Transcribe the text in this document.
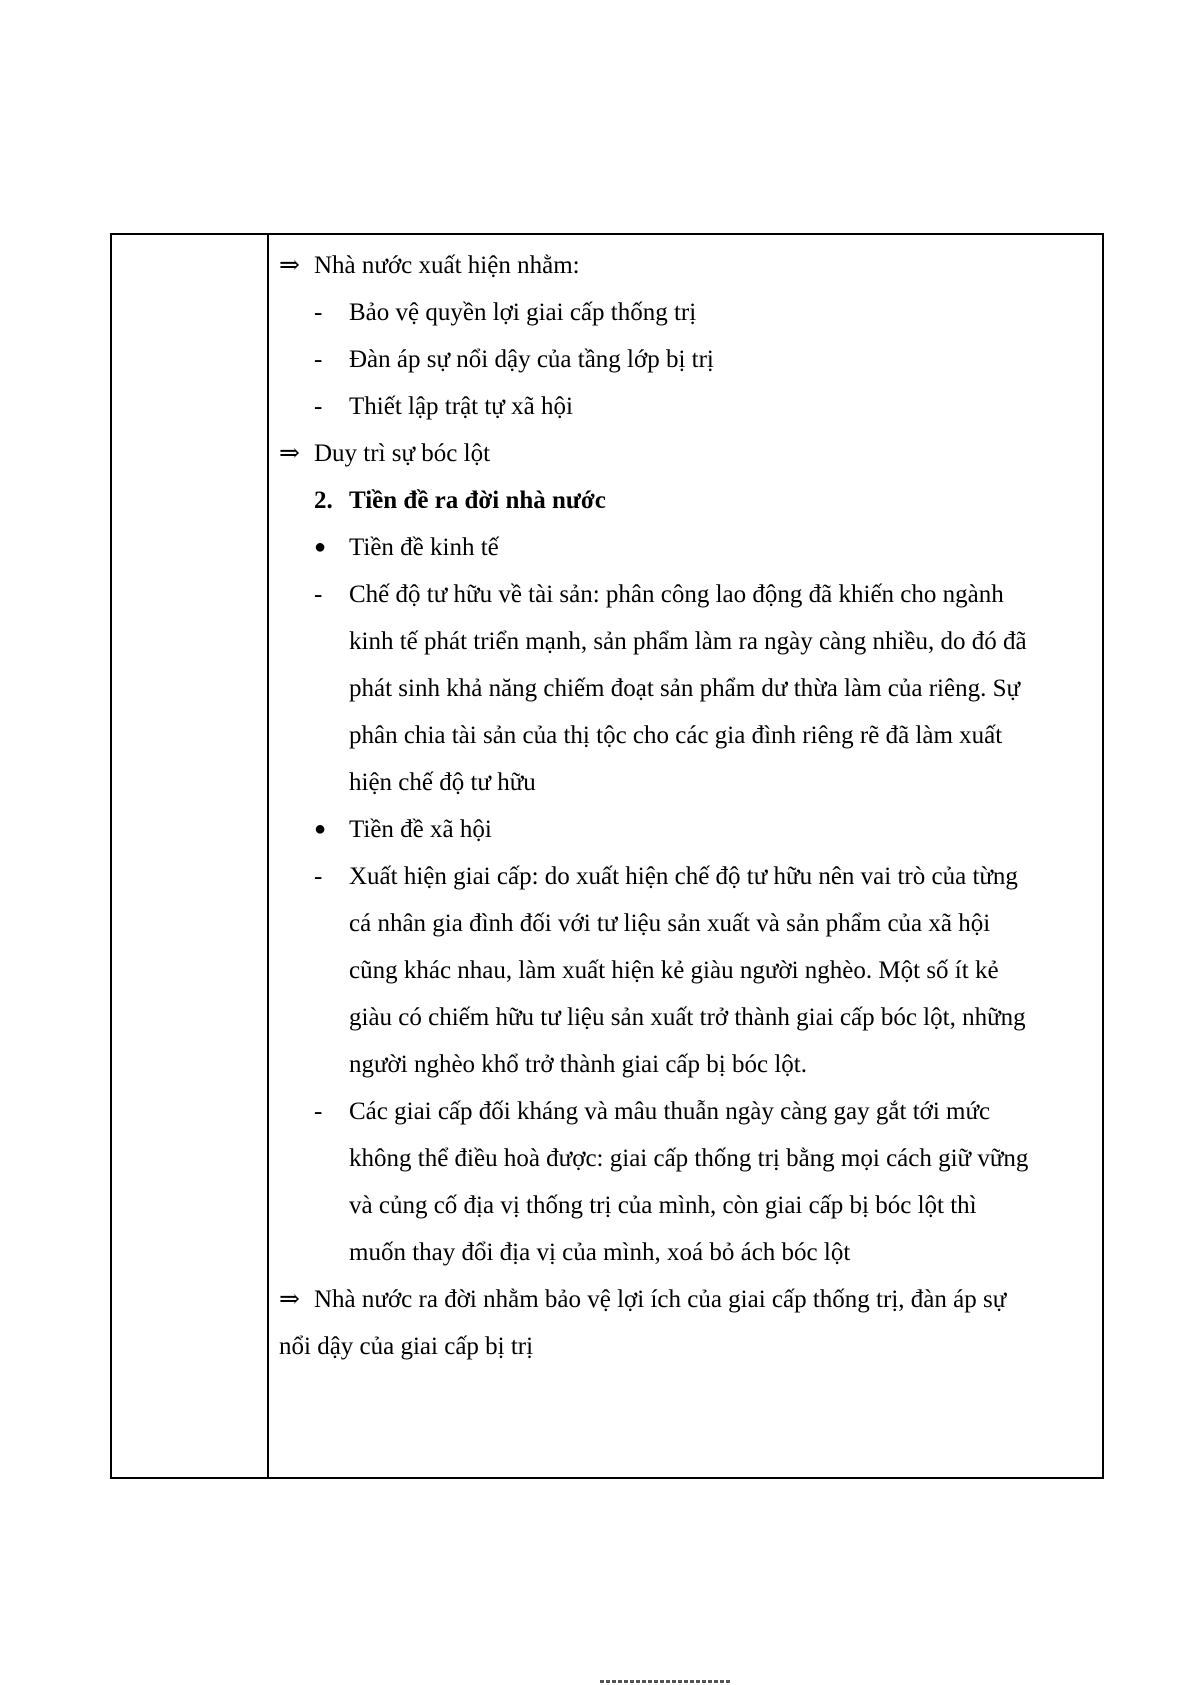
⇒ Nhà nước xuất hiện nhằm:
- Bảo vệ quyền lợi giai cấp thống trị
- Đàn áp sự nổi dậy của tầng lớp bị trị
- Thiết lập trật tự xã hội
⇒ Duy trì sự bóc lột
2. Tiền đề ra đời nhà nước
● Tiền đề kinh tế
- Chế độ tư hữu về tài sản: phân công lao động đã khiến cho ngành
kinh tế phát triển mạnh, sản phẩm làm ra ngày càng nhiều, do đó đã
phát sinh khả năng chiếm đoạt sản phẩm dư thừa làm của riêng. Sự
phân chia tài sản của thị tộc cho các gia đình riêng rẽ đã làm xuất
hiện chế độ tư hữu
● Tiền đề xã hội
- Xuất hiện giai cấp: do xuất hiện chế độ tư hữu nên vai trò của từng
cá nhân gia đình đối với tư liệu sản xuất và sản phẩm của xã hội
cũng khác nhau, làm xuất hiện kẻ giàu người nghèo. Một số ít kẻ
giàu có chiếm hữu tư liệu sản xuất trở thành giai cấp bóc lột, những
người nghèo khổ trở thành giai cấp bị bóc lột.
- Các giai cấp đối kháng và mâu thuẫn ngày càng gay gắt tới mức
không thể điều hoà được: giai cấp thống trị bằng mọi cách giữ vững
và củng cố địa vị thống trị của mình, còn giai cấp bị bóc lột thì
muốn thay đổi địa vị của mình, xoá bỏ ách bóc lột
⇒ Nhà nước ra đời nhằm bảo vệ lợi ích của giai cấp thống trị, đàn áp sự
nổi dậy của giai cấp bị trị
